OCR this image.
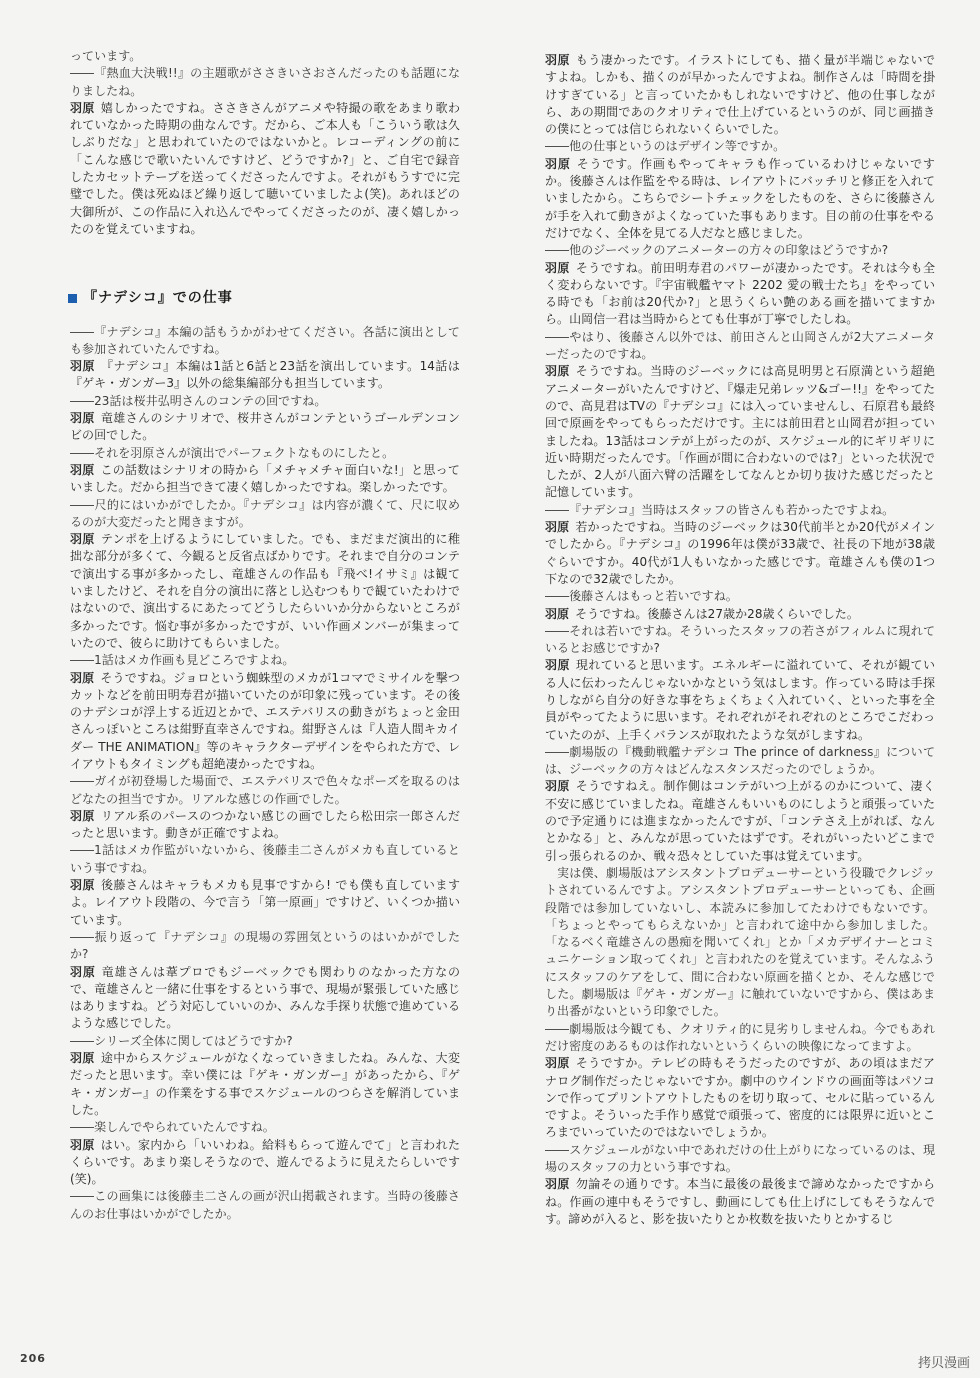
っています。

――『熱血大決戦!!』の主題歌がささきいさおさんだったのも話題になりましたね。

羽原 嬉しかったですね。ささきさんがアニメや特撮の歌をあまり歌われていなかった時期の曲なんです。だから、ご本人も「こういう歌は久しぶりだな」と思われていたのではないかと。レコーディングの前に「こんな感じで歌いたいんですけど、どうですか?」と、ご自宅で録音したカセットテープを送ってくださったんですよ。それがもうすでに完璧でした。僕は死ぬほど繰り返して聴いていましたよ(笑)。あれほどの大御所が、この作品に入れ込んでやってくださったのが、凄く嬉しかったのを覚えていますね。

『ナデシコ』での仕事

――『ナデシコ』本編の話もうかがわせてください。各話に演出としても参加されていたんですね。

羽原 『ナデシコ』本編は1話と6話と23話を演出しています。14話は『ゲキ・ガンガー3』以外の総集編部分も担当しています。

――23話は桜井弘明さんのコンテの回ですね。

羽原 竜雄さんのシナリオで、桜井さんがコンテというゴールデンコンビの回でした。

――それを羽原さんが演出でパーフェクトなものにしたと。

羽原 この話数はシナリオの時から「メチャメチャ面白いな!」と思っていました。だから担当できて凄く嬉しかったですね。楽しかったです。

――尺的にはいかがでしたか。『ナデシコ』は内容が濃くて、尺に収めるのが大変だったと聞きますが。

羽原 テンポを上げるようにしていました。でも、まだまだ演出的に稚拙な部分が多くて、今観ると反省点ばかりです。それまで自分のコンテで演出する事が多かったし、竜雄さんの作品も『飛べ!イサミ』は観ていましたけど、それを自分の演出に落とし込むつもりで観ていたわけではないので、演出するにあたってどうしたらいいか分からないところが多かったです。悩む事が多かったですが、いい作画メンバーが集まっていたので、彼らに助けてもらいました。

――1話はメカ作画も見どころですよね。

羽原 そうですね。ジョロという蜘蛛型のメカが1コマでミサイルを撃つカットなどを前田明寿君が描いていたのが印象に残っています。その後のナデシコが浮上する近辺とかで、エステバリスの動きがちょっと金田さんっぽいところは紺野直幸さんですね。紺野さんは『人造人間キカイダー THE ANIMATION』等のキャラクターデザインをやられた方で、レイアウトもタイミングも超絶凄かったですね。

――ガイが初登場した場面で、エステバリスで色々なポーズを取るのはどなたの担当ですか。リアルな感じの作画でした。

羽原 リアル系のパースのつかない感じの画でしたら松田宗一郎さんだったと思います。動きが正確ですよね。

――1話はメカ作監がいないから、後藤圭二さんがメカも直しているという事ですね。

羽原 後藤さんはキャラもメカも見事ですから! でも僕も直していますよ。レイアウト段階の、今で言う「第一原画」ですけど、いくつか描いています。

――振り返って『ナデシコ』の現場の雰囲気というのはいかがでしたか?

羽原 竜雄さんは葦プロでもジーベックでも関わりのなかった方なので、竜雄さんと一緒に仕事をするという事で、現場が緊張していた感じはありますね。どう対応していいのか、みんな手探り状態で進めているような感じでした。

――シリーズ全体に関してはどうですか?

羽原 途中からスケジュールがなくなっていきましたね。みんな、大変だったと思います。幸い僕には『ゲキ・ガンガー』があったから、『ゲキ・ガンガー』の作業をする事でスケジュールのつらさを解消していました。

――楽しんでやられていたんですね。

羽原 はい。家内から「いいわね。給料もらって遊んでて」と言われたくらいです。あまり楽しそうなので、遊んでるように見えたらしいです(笑)。

――この画集には後藤圭二さんの画が沢山掲載されます。当時の後藤さんのお仕事はいかがでしたか。

羽原 もう凄かったです。イラストにしても、描く量が半端じゃないですよね。しかも、描くのが早かったんですよね。制作さんは「時間を掛けすぎている」と言っていたかもしれないですけど、他の仕事しながら、あの期間であのクオリティで仕上げているというのが、同じ画描きの僕にとっては信じられないくらいでした。

――他の仕事というのはデザイン等ですか。

羽原 そうです。作画もやってキャラも作っているわけじゃないですか。後藤さんは作監をやる時は、レイアウトにバッチリと修正を入れていましたから。こちらでシートチェックをしたものを、さらに後藤さんが手を入れて動きがよくなっていた事もあります。目の前の仕事をやるだけでなく、全体を見てる人だなと感じました。

――他のジーベックのアニメーターの方々の印象はどうですか?

羽原 そうですね。前田明寿君のパワーが凄かったです。それは今も全く変わらないです。『宇宙戦艦ヤマト 2202 愛の戦士たち』をやっている時でも「お前は20代か?」と思うくらい艶のある画を描いてますから。山岡信一君は当時からとても仕事が丁寧でしたしね。

――やはり、後藤さん以外では、前田さんと山岡さんが2大アニメーターだったのですね。

羽原 そうですね。当時のジーベックには高見明男と石原満という超絶アニメーターがいたんですけど、『爆走兄弟レッツ&ゴー!!』をやってたので、高見君はTVの『ナデシコ』には入っていませんし、石原君も最終回で原画をやってもらっただけです。主には前田君と山岡君が担っていましたね。13話はコンテが上がったのが、スケジュール的にギリギリに近い時期だったんです。「作画が間に合わないのでは?」といった状況でしたが、2人が八面六臂の活躍をしてなんとか切り抜けた感じだったと記憶しています。

――『ナデシコ』当時はスタッフの皆さんも若かったですよね。

羽原 若かったですね。当時のジーベックは30代前半とか20代がメインでしたから。『ナデシコ』の1996年は僕が33歳で、社長の下地が38歳ぐらいですか。40代が1人もいなかった感じです。竜雄さんも僕の1つ下なので32歳でしたか。

――後藤さんはもっと若いですね。

羽原 そうですね。後藤さんは27歳か28歳くらいでした。

――それは若いですね。そういったスタッフの若さがフィルムに現れているとお感じですか?

羽原 現れていると思います。エネルギーに溢れていて、それが観ている人に伝わったんじゃないかなという気はします。作っている時は手探りしながら自分の好きな事をちょくちょく入れていく、といった事を全員がやってたように思います。それぞれがそれぞれのところでこだわっていたのが、上手くバランスが取れたような気がしますね。

――劇場版の『機動戦艦ナデシコ The prince of darkness』については、ジーベックの方々はどんなスタンスだったのでしょうか。

羽原 そうですねえ。制作側はコンテがいつ上がるのかについて、凄く不安に感じていましたね。竜雄さんもいいものにしようと頑張っていたので予定通りには進まなかったんですが、「コンテさえ上がれば、なんとかなる」と、みんなが思っていたはずです。それがいったいどこまで引っ張られるのか、戦々恐々としていた事は覚えています。

実は僕、劇場版はアシスタントプロデューサーという役職でクレジットされているんですよ。アシスタントプロデューサーといっても、企画段階では参加していないし、本読みに参加してたわけでもないです。「ちょっとやってもらえないか」と言われて途中から参加しました。「なるべく竜雄さんの愚痴を聞いてくれ」とか「メカデザイナーとコミュニケーション取ってくれ」と言われたのを覚えています。そんなふうにスタッフのケアをして、間に合わない原画を描くとか、そんな感じでした。劇場版は『ゲキ・ガンガー』に触れていないですから、僕はあまり出番がないという印象でした。

――劇場版は今観ても、クオリティ的に見劣りしませんね。今でもあれだけ密度のあるものは作れないというくらいの映像になってますよ。

羽原 そうですか。テレビの時もそうだったのですが、あの頃はまだアナログ制作だったじゃないですか。劇中のウインドウの画面等はパソコンで作ってプリントアウトしたものを切り取って、セルに貼っているんですよ。そういった手作り感覚で頑張って、密度的には限界に近いところまでいっていたのではないでしょうか。

――スケジュールがない中であれだけの仕上がりになっているのは、現場のスタッフの力という事ですね。

羽原 勿論その通りです。本当に最後の最後まで諦めなかったですからね。作画の連中もそうですし、動画にしても仕上げにしてもそうなんです。諦めが入ると、影を抜いたりとか枚数を抜いたりとかするじ

206	拷贝漫画
